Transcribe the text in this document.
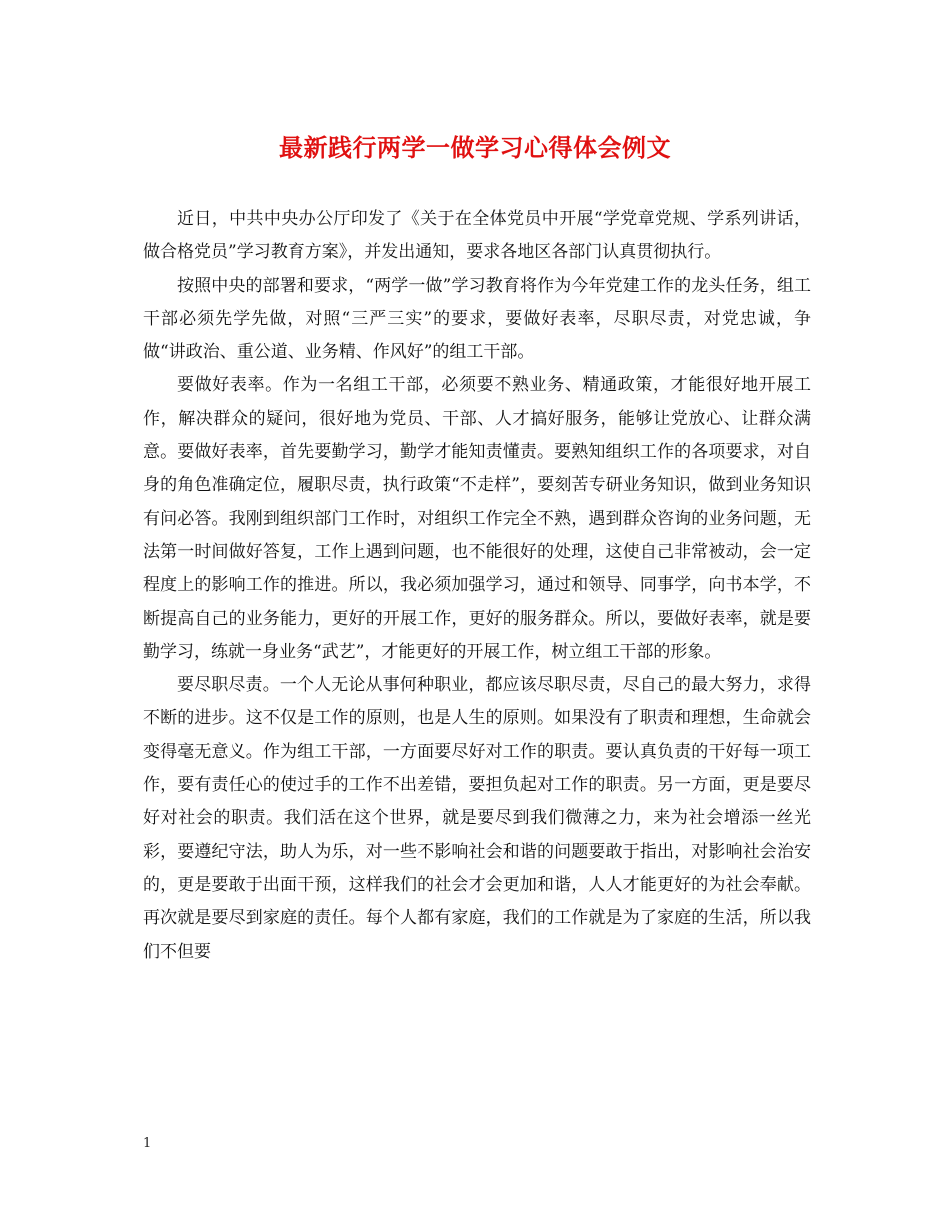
最新践行两学一做学习心得体会例文

近日，中共中央办公厅印发了《关于在全体党员中开展“学党章党规、学系列讲话，做合格党员”学习教育方案》，并发出通知，要求各地区各部门认真贯彻执行。

按照中央的部署和要求，“两学一做”学习教育将作为今年党建工作的龙头任务，组工干部必须先学先做，对照“三严三实”的要求，要做好表率，尽职尽责，对党忠诚，争做“讲政治、重公道、业务精、作风好”的组工干部。

要做好表率。作为一名组工干部，必须要不熟业务、精通政策，才能很好地开展工作，解决群众的疑问，很好地为党员、干部、人才搞好服务，能够让党放心、让群众满意。要做好表率，首先要勤学习，勤学才能知责懂责。要熟知组织工作的各项要求，对自身的角色准确定位，履职尽责，执行政策“不走样”，要刻苦专研业务知识，做到业务知识有问必答。我刚到组织部门工作时，对组织工作完全不熟，遇到群众咨询的业务问题，无法第一时间做好答复，工作上遇到问题，也不能很好的处理，这使自己非常被动，会一定程度上的影响工作的推进。所以，我必须加强学习，通过和领导、同事学，向书本学，不断提高自己的业务能力，更好的开展工作，更好的服务群众。所以，要做好表率，就是要勤学习，练就一身业务“武艺”，才能更好的开展工作，树立组工干部的形象。

要尽职尽责。一个人无论从事何种职业，都应该尽职尽责，尽自己的最大努力，求得不断的进步。这不仅是工作的原则，也是人生的原则。如果没有了职责和理想，生命就会变得毫无意义。作为组工干部，一方面要尽好对工作的职责。要认真负责的干好每一项工作，要有责任心的使过手的工作不出差错，要担负起对工作的职责。另一方面，更是要尽好对社会的职责。我们活在这个世界，就是要尽到我们微薄之力，来为社会增添一丝光彩，要遵纪守法，助人为乐，对一些不影响社会和谐的问题要敢于指出，对影响社会治安的，更是要敢于出面干预，这样我们的社会才会更加和谐，人人才能更好的为社会奉献。再次就是要尽到家庭的责任。每个人都有家庭，我们的工作就是为了家庭的生活，所以我们不但要

1
